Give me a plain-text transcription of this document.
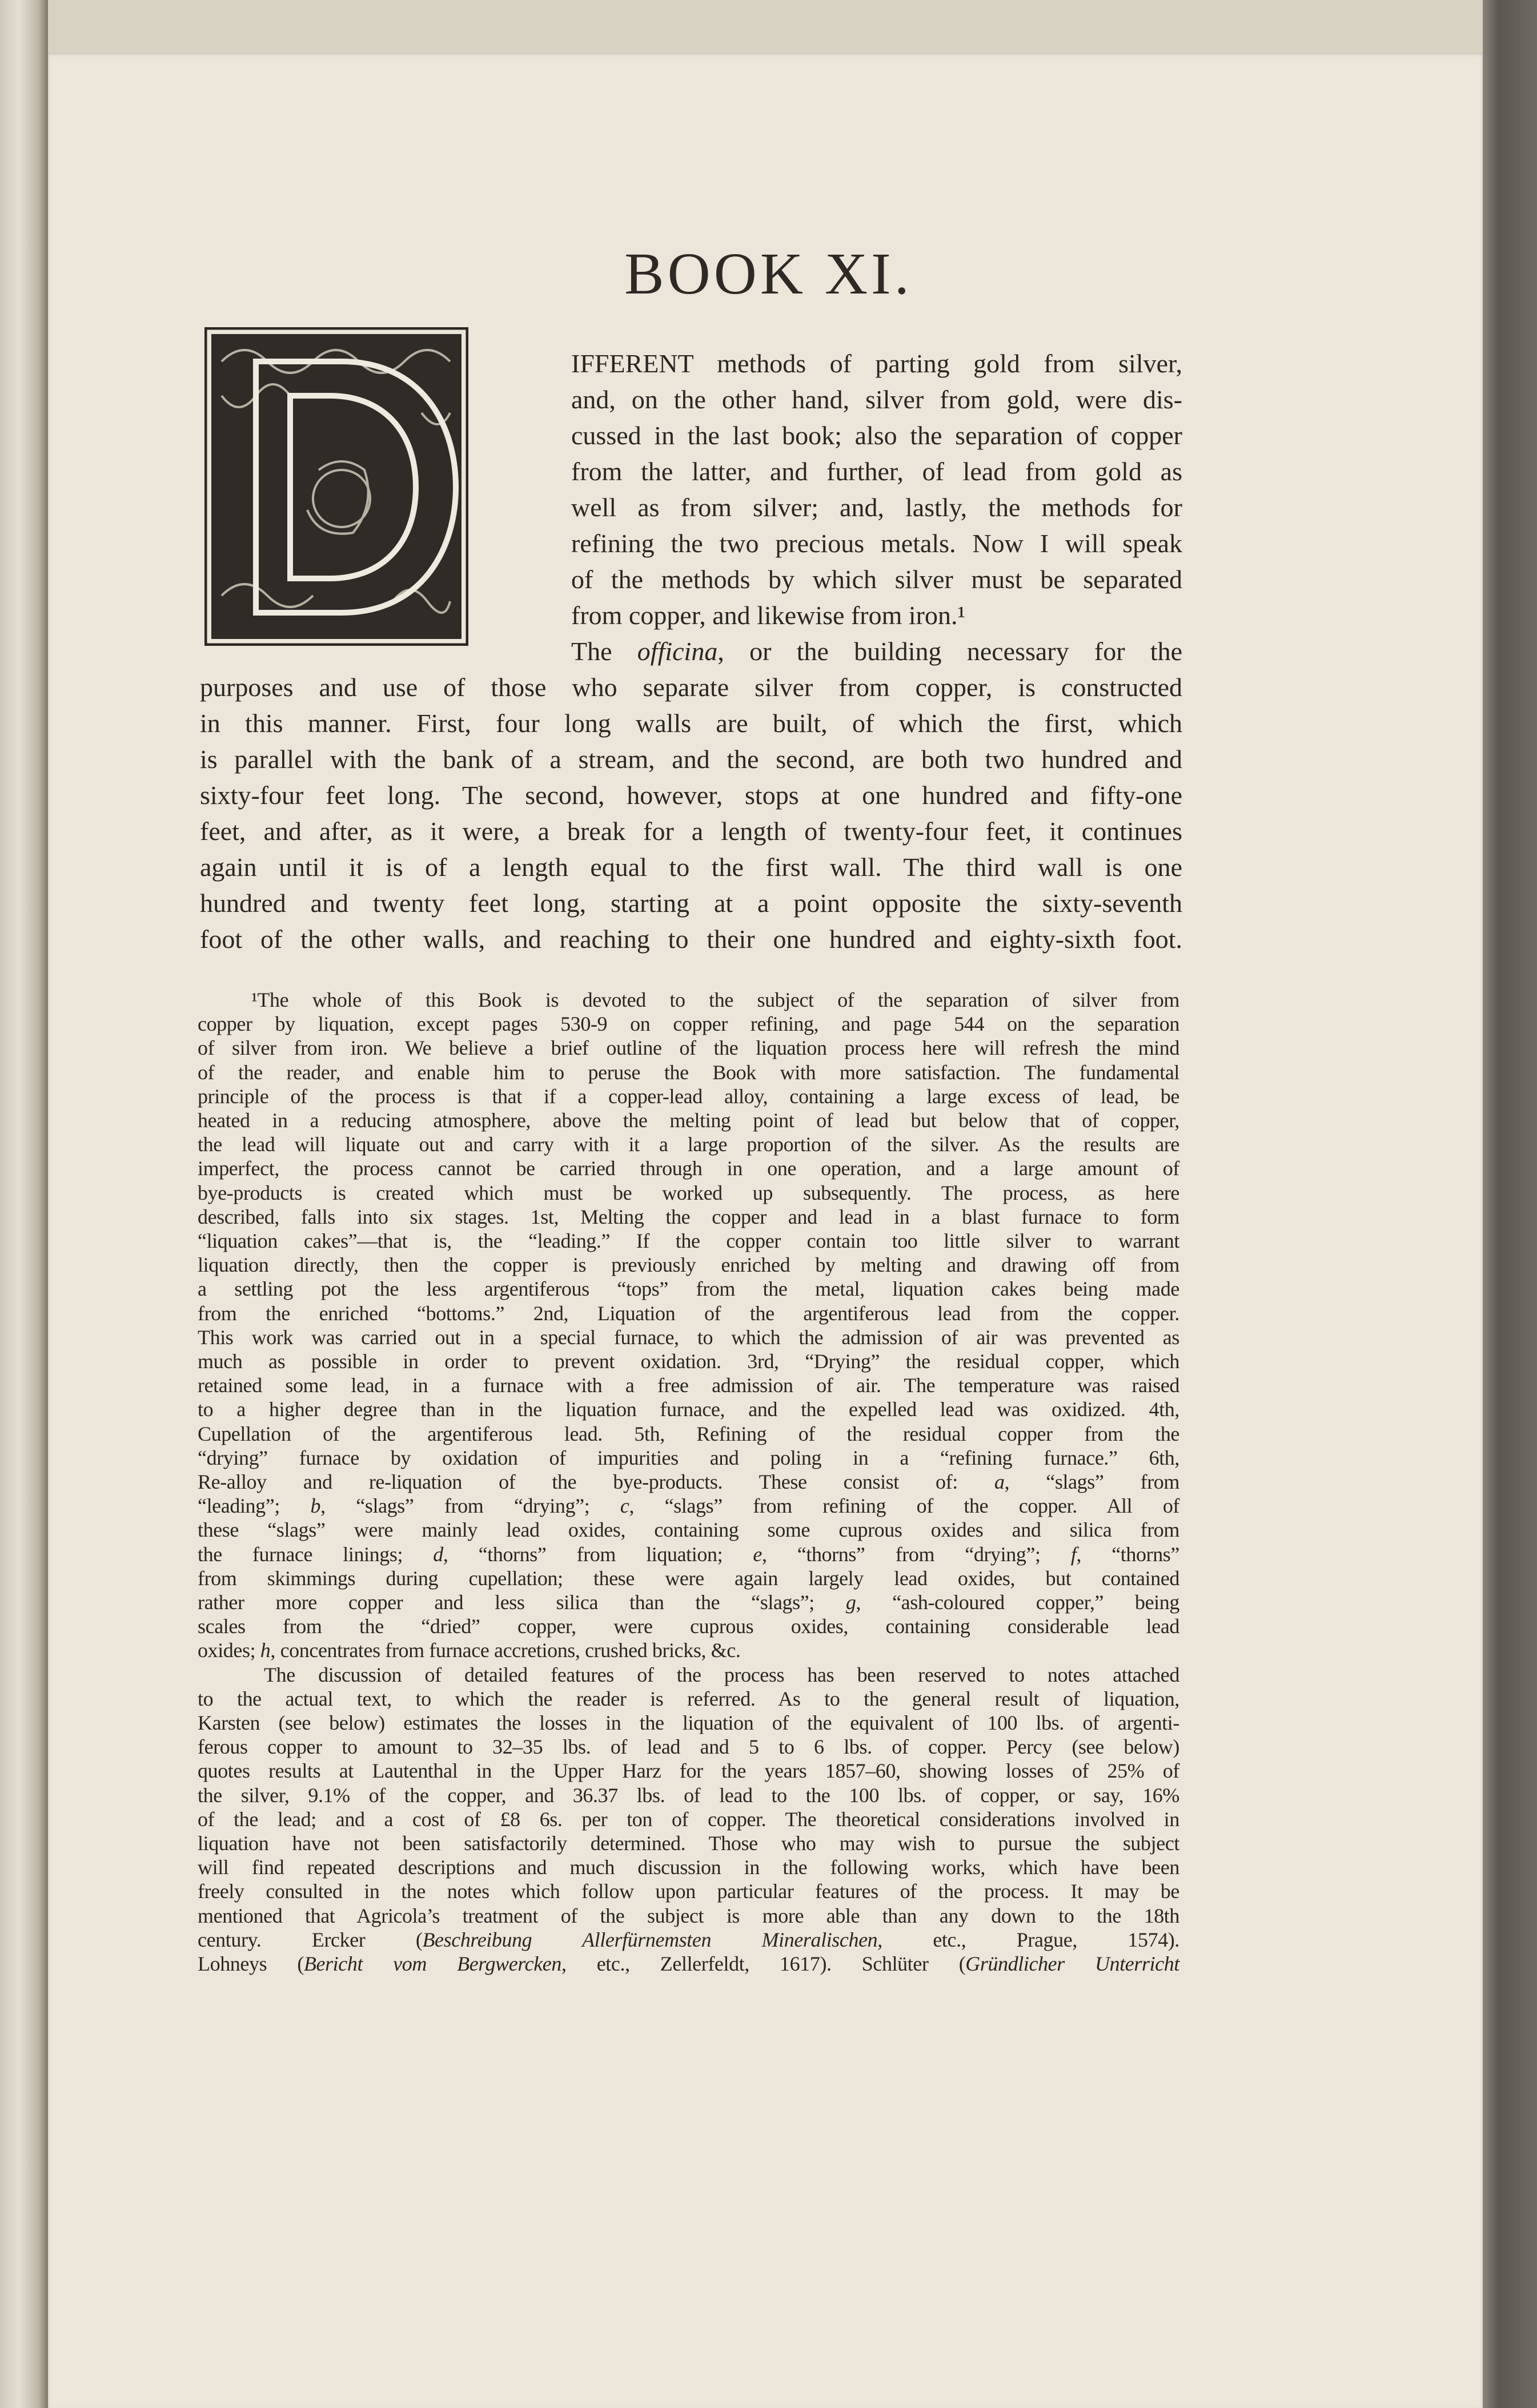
BOOK XI.
IFFERENT methods of parting gold from silver,
and, on the other hand, silver from gold, were dis-
cussed in the last book; also the separation of copper
from the latter, and further, of lead from gold as
well as from silver; and, lastly, the methods for
refining the two precious metals. Now I will speak
of the methods by which silver must be separated
from copper, and likewise from iron.¹
The officina, or the building necessary for the
purposes and use of those who separate silver from copper, is constructed
in this manner. First, four long walls are built, of which the first, which
is parallel with the bank of a stream, and the second, are both two hundred and
sixty-four feet long. The second, however, stops at one hundred and fifty-one
feet, and after, as it were, a break for a length of twenty-four feet, it continues
again until it is of a length equal to the first wall. The third wall is one
hundred and twenty feet long, starting at a point opposite the sixty-seventh
foot of the other walls, and reaching to their one hundred and eighty-sixth foot.
¹The whole of this Book is devoted to the subject of the separation of silver from
copper by liquation, except pages 530-9 on copper refining, and page 544 on the separation
of silver from iron. We believe a brief outline of the liquation process here will refresh the mind
of the reader, and enable him to peruse the Book with more satisfaction. The fundamental
principle of the process is that if a copper-lead alloy, containing a large excess of lead, be
heated in a reducing atmosphere, above the melting point of lead but below that of copper,
the lead will liquate out and carry with it a large proportion of the silver. As the results are
imperfect, the process cannot be carried through in one operation, and a large amount of
bye-products is created which must be worked up subsequently. The process, as here
described, falls into six stages. 1st, Melting the copper and lead in a blast furnace to form
“liquation cakes”—that is, the “leading.” If the copper contain too little silver to warrant
liquation directly, then the copper is previously enriched by melting and drawing off from
a settling pot the less argentiferous “tops” from the metal, liquation cakes being made
from the enriched “bottoms.” 2nd, Liquation of the argentiferous lead from the copper.
This work was carried out in a special furnace, to which the admission of air was prevented as
much as possible in order to prevent oxidation. 3rd, “Drying” the residual copper, which
retained some lead, in a furnace with a free admission of air. The temperature was raised
to a higher degree than in the liquation furnace, and the expelled lead was oxidized. 4th,
Cupellation of the argentiferous lead. 5th, Refining of the residual copper from the
“drying” furnace by oxidation of impurities and poling in a “refining furnace.” 6th,
Re-alloy and re-liquation of the bye-products. These consist of: a, “slags” from
“leading”; b, “slags” from “drying”; c, “slags” from refining of the copper. All of
these “slags” were mainly lead oxides, containing some cuprous oxides and silica from
the furnace linings; d, “thorns” from liquation; e, “thorns” from “drying”; f, “thorns”
from skimmings during cupellation; these were again largely lead oxides, but contained
rather more copper and less silica than the “slags”; g, “ash-coloured copper,” being
scales from the “dried” copper, were cuprous oxides, containing considerable lead
oxides; h, concentrates from furnace accretions, crushed bricks, &c.
The discussion of detailed features of the process has been reserved to notes attached
to the actual text, to which the reader is referred. As to the general result of liquation,
Karsten (see below) estimates the losses in the liquation of the equivalent of 100 lbs. of argenti-
ferous copper to amount to 32–35 lbs. of lead and 5 to 6 lbs. of copper. Percy (see below)
quotes results at Lautenthal in the Upper Harz for the years 1857–60, showing losses of 25% of
the silver, 9.1% of the copper, and 36.37 lbs. of lead to the 100 lbs. of copper, or say, 16%
of the lead; and a cost of £8 6s. per ton of copper. The theoretical considerations involved in
liquation have not been satisfactorily determined. Those who may wish to pursue the subject
will find repeated descriptions and much discussion in the following works, which have been
freely consulted in the notes which follow upon particular features of the process. It may be
mentioned that Agricola’s treatment of the subject is more able than any down to the 18th
century. Ercker (Beschreibung Allerfürnemsten Mineralischen, etc., Prague, 1574).
Lohneys (Bericht vom Bergwercken, etc., Zellerfeldt, 1617). Schlüter (Gründlicher Unterricht
